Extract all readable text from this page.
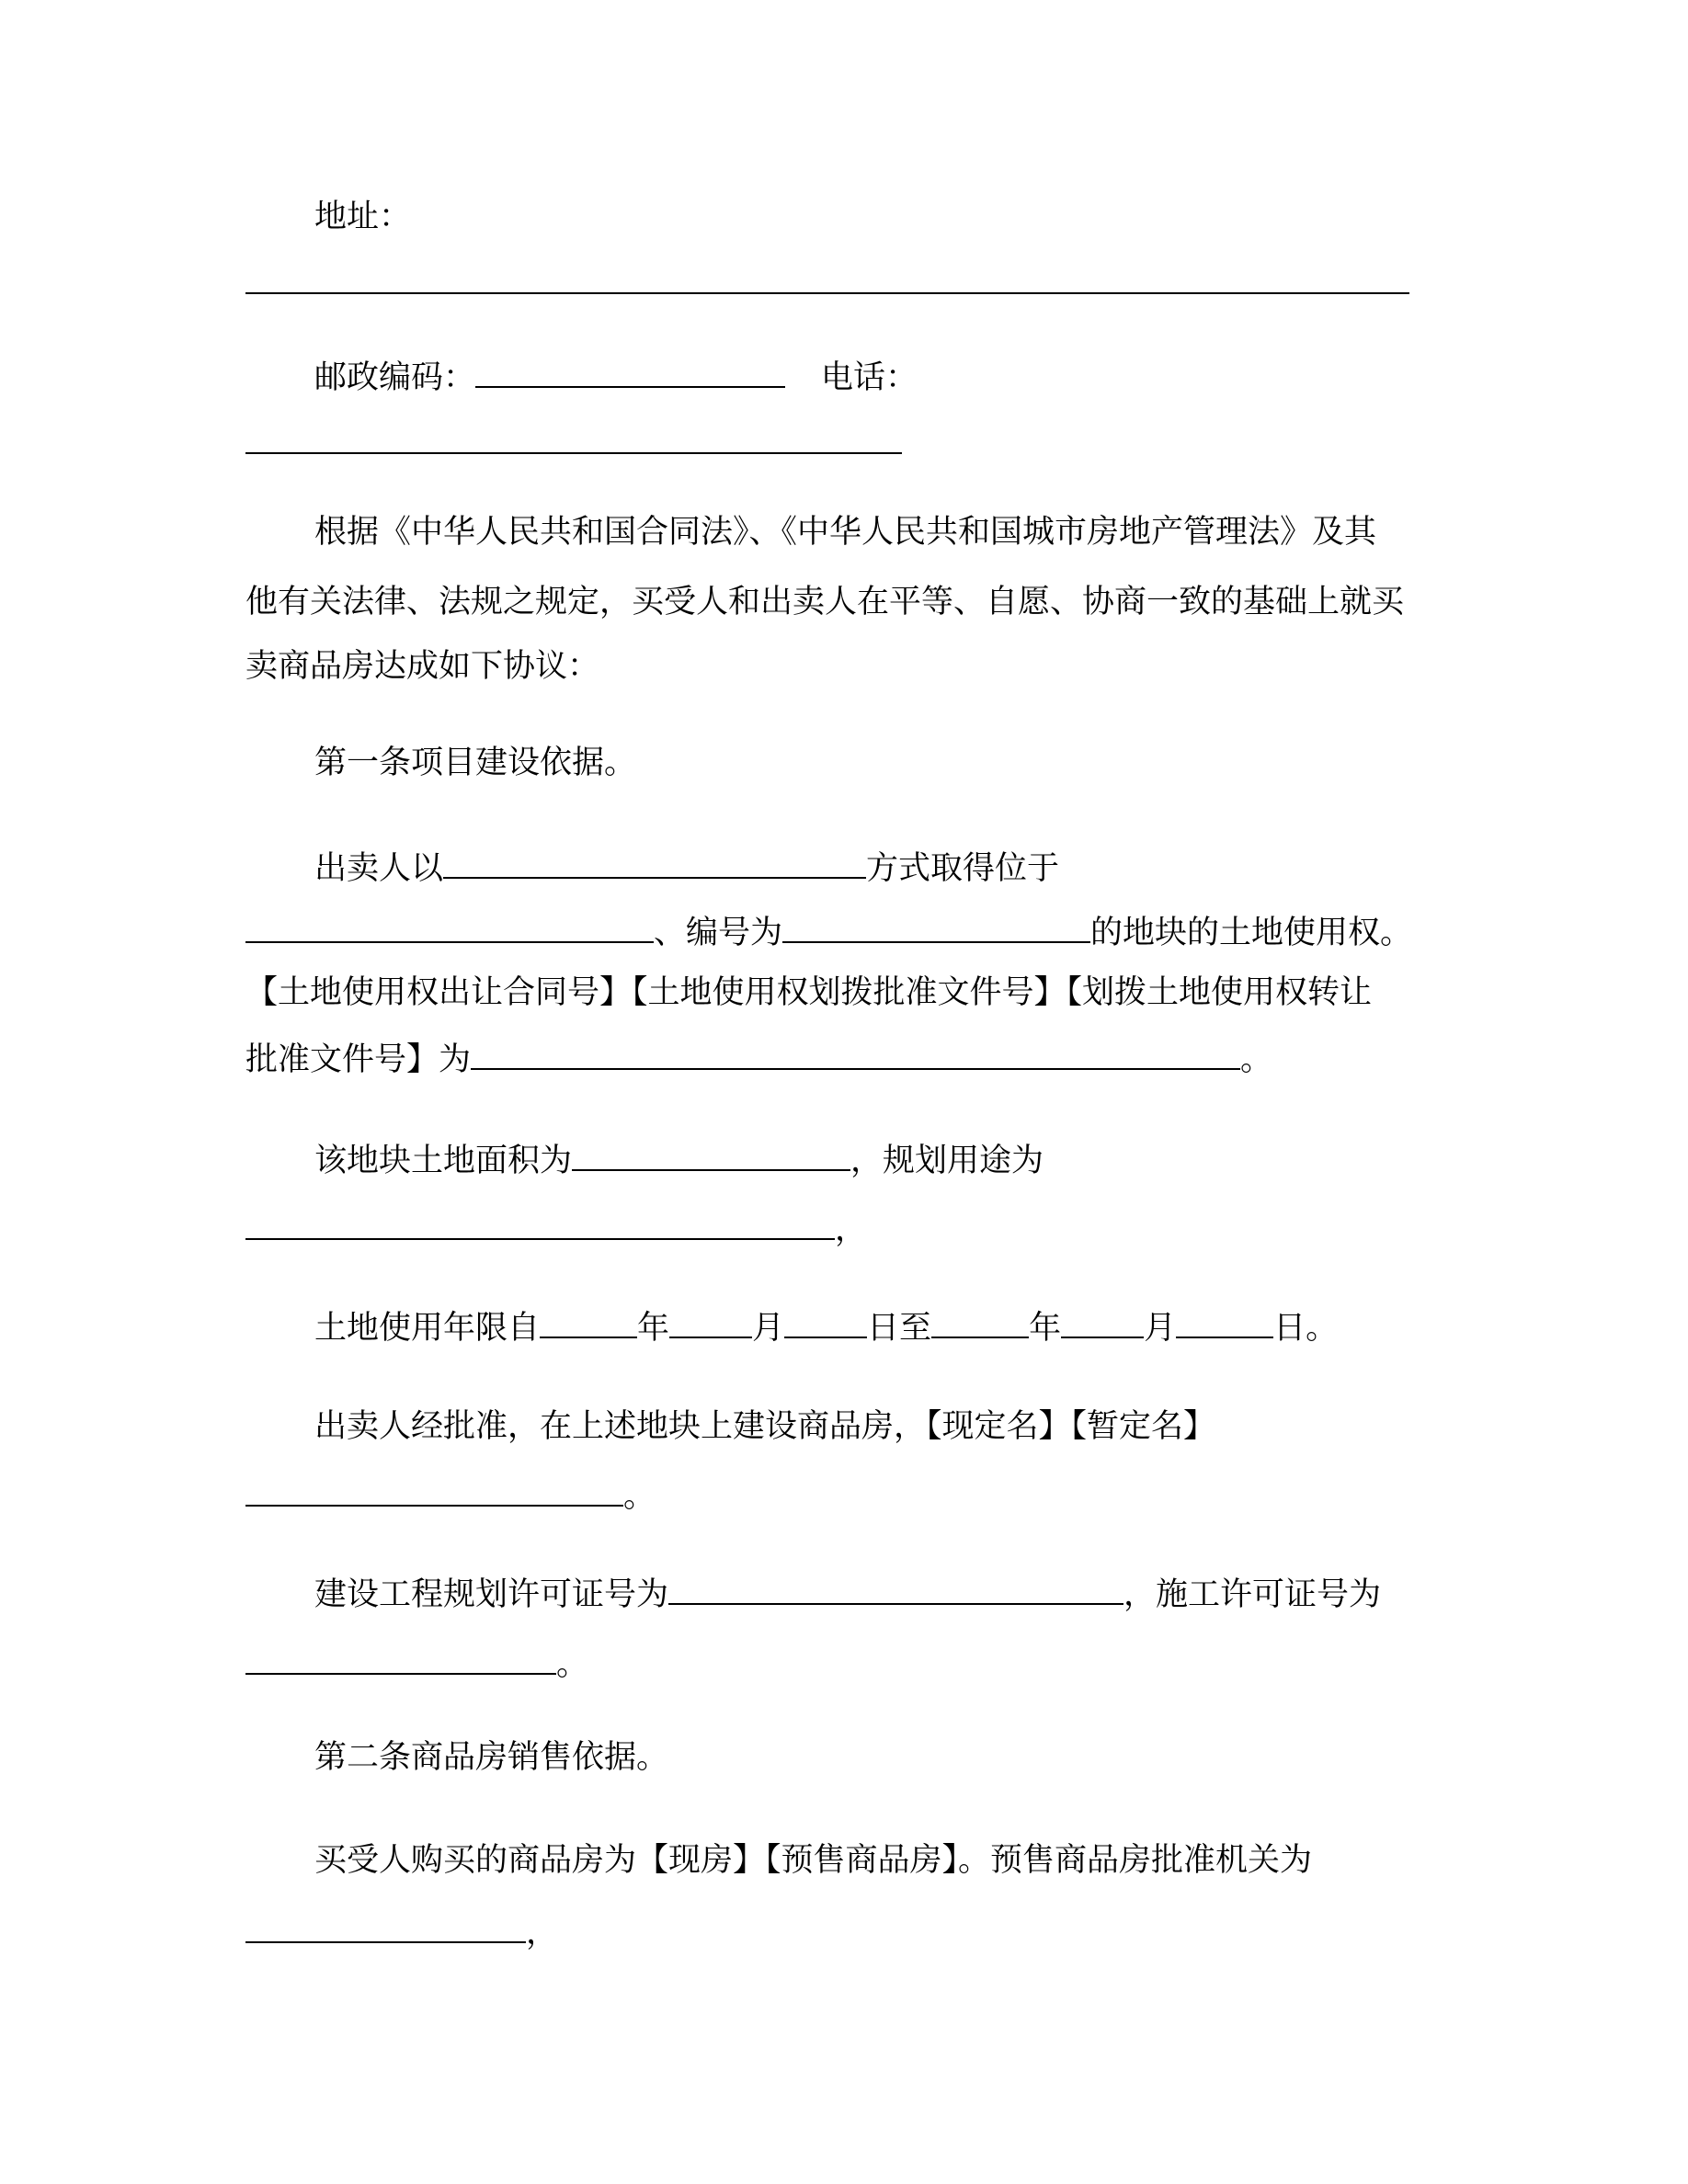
地址：
邮政编码：	电话：
根据《中华人民共和国合同法》、《中华人民共和国城市房地产管理法》及其
他有关法律、法规之规定，买受人和出卖人在平等、自愿、协商一致的基础上就买
卖商品房达成如下协议：
第一条项目建设依据。
出卖人以	方式取得位于
、编号为	的地块的土地使用权。
【土地使用权出让合同号】【土地使用权划拨批准文件号】【划拨土地使用权转让
批准文件号】为	。
该地块土地面积为	，规划用途为
，
土地使用年限自	年	月	日至	年	月	日。
出卖人经批准，在上述地块上建设商品房，【现定名】【暂定名】
。
建设工程规划许可证号为	，施工许可证号为
。
第二条商品房销售依据。
买受人购买的商品房为【现房】【预售商品房】。预售商品房批准机关为
，
